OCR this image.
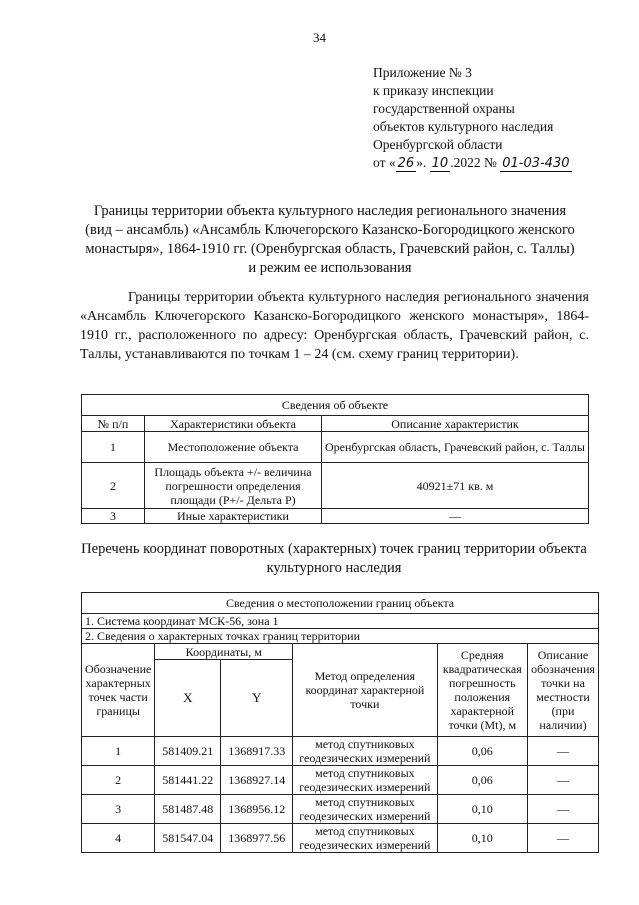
34
Приложение № 3
к приказу инспекции
государственной охраны
объектов культурного наследия
Оренбургской области
от « 26 ». 10 .2022 № 01-03-430
Границы территории объекта культурного наследия регионального значения (вид – ансамбль) «Ансамбль Ключегорского Казанско-Богородицкого женского монастыря», 1864-1910 гг. (Оренбургская область, Грачевский район, с. Таллы) и режим ее использования
Границы территории объекта культурного наследия регионального значения «Ансамбль Ключегорского Казанско-Богородицкого женского монастыря», 1864-1910 гг., расположенного по адресу: Оренбургская область, Грачевский район, с. Таллы, устанавливаются по точкам 1 – 24 (см. схему границ территории).
Сведения об объекте		
№ п/п	Характеристики объекта	Описание характеристик
1	Местоположение объекта	Оренбургская область, Грачевский район, с. Таллы
2	Площадь объекта +/- величина погрешности определения площади (Р+/- Дельта Р)	40921±71 кв. м
3	Иные характеристики	—
Перечень координат поворотных (характерных) точек границ территории объекта культурного наследия
Сведения о местоположении границ объекта					
1. Система координат МСК-56, зона 1					
2. Сведения о характерных точках границ территории					
Обозначение характерных точек части границы	Координаты, м		Метод определения координат характерной точки	Средняя квадратическая погрешность положения характерной точки (Mt), м	Описание обозначения точки на местности (при наличии)
	X	Y			
1	581409.21	1368917.33	метод спутниковых геодезических измерений	0,06	—
2	581441.22	1368927.14	метод спутниковых геодезических измерений	0,06	—
3	581487.48	1368956.12	метод спутниковых геодезических измерений	0,10	—
4	581547.04	1368977.56	метод спутниковых геодезических измерений	0,10	—
